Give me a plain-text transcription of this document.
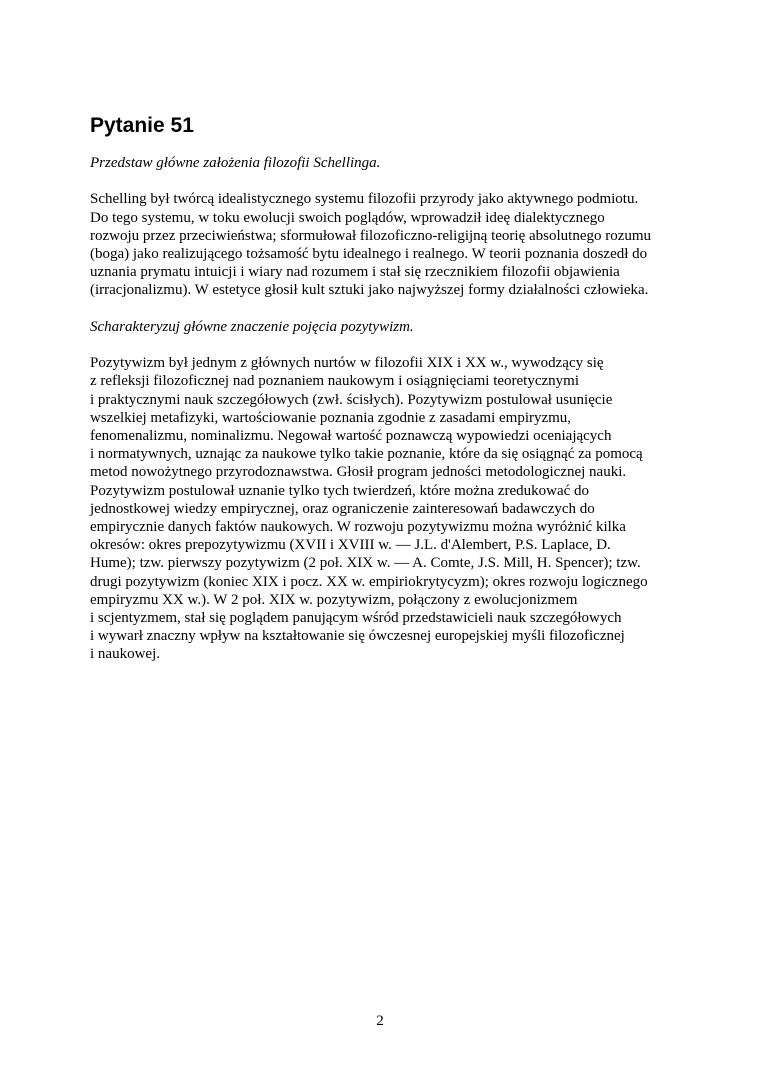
Pytanie 51
Przedstaw główne założenia filozofii Schellinga.
Schelling był twórcą idealistycznego systemu filozofii przyrody jako aktywnego podmiotu.
Do tego systemu, w toku ewolucji swoich poglądów, wprowadził ideę dialektycznego
rozwoju przez przeciwieństwa; sformułował filozoficzno-religijną teorię absolutnego rozumu
(boga) jako realizującego tożsamość bytu idealnego i realnego. W teorii poznania doszedł do
uznania prymatu intuicji i wiary nad rozumem i stał się rzecznikiem filozofii objawienia
(irracjonalizmu). W estetyce głosił kult sztuki jako najwyższej formy działalności człowieka.
Scharakteryzuj główne znaczenie pojęcia pozytywizm.
Pozytywizm był jednym z głównych nurtów w filozofii XIX i XX w., wywodzący się
z refleksji filozoficznej nad poznaniem naukowym i osiągnięciami teoretycznymi
i praktycznymi nauk szczegółowych (zwł. ścisłych). Pozytywizm postulował usunięcie
wszelkiej metafizyki, wartościowanie poznania zgodnie z zasadami empiryzmu,
fenomenalizmu, nominalizmu. Negował wartość poznawczą wypowiedzi oceniających
i normatywnych, uznając za naukowe tylko takie poznanie, które da się osiągnąć za pomocą
metod nowożytnego przyrodoznawstwa. Głosił program jedności metodologicznej nauki.
Pozytywizm postulował uznanie tylko tych twierdzeń, które można zredukować do
jednostkowej wiedzy empirycznej, oraz ograniczenie zainteresowań badawczych do
empirycznie danych faktów naukowych. W rozwoju pozytywizmu można wyróżnić kilka
okresów: okres prepozytywizmu (XVII i XVIII w. — J.L. d'Alembert, P.S. Laplace, D.
Hume); tzw. pierwszy pozytywizm (2 poł. XIX w. — A. Comte, J.S. Mill, H. Spencer); tzw.
drugi pozytywizm (koniec XIX i pocz. XX w. empiriokrytycyzm); okres rozwoju logicznego
empiryzmu XX w.). W 2 poł. XIX w. pozytywizm, połączony z ewolucjonizmem
i scjentyzmem, stał się poglądem panującym wśród przedstawicieli nauk szczegółowych
i wywarł znaczny wpływ na kształtowanie się ówczesnej europejskiej myśli filozoficznej
i naukowej.
2
